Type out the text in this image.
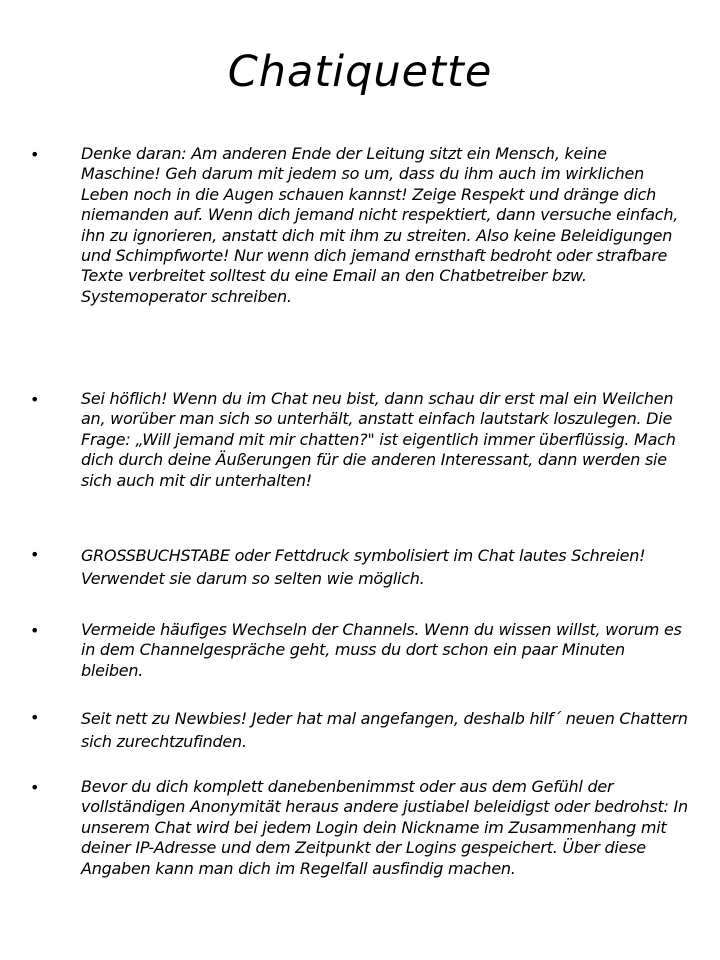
Chatiquette
•	Denke daran: Am anderen Ende der Leitung sitzt ein Mensch, keine Maschine! Geh darum mit jedem so um, dass du ihm auch im wirklichen Leben noch in die Augen schauen kannst! Zeige Respekt und dränge dich niemanden auf. Wenn dich jemand nicht respektiert, dann versuche einfach, ihn zu ignorieren, anstatt dich mit ihm zu streiten. Also keine Beleidigungen und Schimpfworte! Nur wenn dich jemand ernsthaft bedroht oder strafbare Texte verbreitet solltest du eine Email an den Chatbetreiber bzw. Systemoperator schreiben.
•	Sei höflich! Wenn du im Chat neu bist, dann schau dir erst mal ein Weilchen an, worüber man sich so unterhält, anstatt einfach lautstark loszulegen. Die Frage: „Will jemand mit mir chatten?" ist eigentlich immer überflüssig. Mach dich durch deine Äußerungen für die anderen Interessant, dann werden sie sich auch mit dir unterhalten!
•	GROSSBUCHSTABE oder Fettdruck symbolisiert im Chat lautes Schreien! Verwendet sie darum so selten wie möglich.
•	Vermeide häufiges Wechseln der Channels. Wenn du wissen willst, worum es in dem Channelgespräche geht, muss du dort schon ein paar Minuten bleiben.
•	Seit nett zu Newbies! Jeder hat mal angefangen, deshalb hilf´ neuen Chattern sich zurechtzufinden.
•	Bevor du dich komplett danebenbenimmst oder aus dem Gefühl der vollständigen Anonymität heraus andere justiabel beleidigst oder bedrohst: In unserem Chat wird bei jedem Login dein Nickname im Zusammenhang mit deiner IP-Adresse und dem Zeitpunkt der Logins gespeichert. Über diese Angaben kann man dich im Regelfall ausfindig machen.
